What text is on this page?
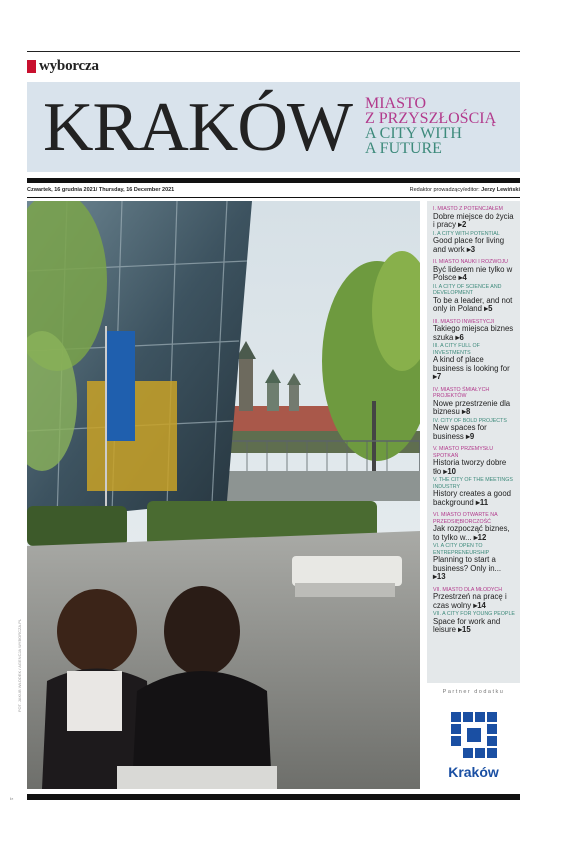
wyborcza
KRAKÓW MIASTO
Z PRZYSZŁOŚCIĄ
A CITY WITH
A FUTURE
Czwartek, 16 grudnia 2021/ Thursday, 16 December 2021	Redaktor prowadzący/editor: Jerzy Lewiński
I. MIASTO Z POTENCJAŁEM
Dobre miejsce do życia i pracy ▸2
I. A CITY WITH POTENTIAL
Good place for living and work ▸3
II. MIASTO NAUKI I ROZWOJU
Być liderem nie tylko w Polsce ▸4
II. A CITY OF SCIENCE AND DEVELOPMENT
To be a leader, and not only in Poland ▸5
III. MIASTO INWESTYCJI
Takiego miejsca biznes szuka ▸6
III. A CITY FULL OF INVESTMENTS
A kind of place business is looking for ▸7
IV. MIASTO ŚMIAŁYCH PROJEKTÓW
Nowe przestrzenie dla biznesu ▸8
IV. CITY OF BOLD PROJECTS
New spaces for business ▸9
V. MIASTO PRZEMYSŁU SPOTKAŃ
Historia tworzy dobre tło ▸10
V. THE CITY OF THE MEETINGS INDUSTRY
History creates a good background ▸11
VI. MIASTO OTWARTE NA PRZEDSIĘBIORCZOŚĆ
Jak rozpocząć biznes, to tylko w... ▸12
VI. A CITY OPEN TO ENTREPRENEURSHIP
Planning to start a business? Only in... ▸13
VII. MIASTO DLA MŁODYCH
Przestrzeń na pracę i czas wolny ▸14
VII. A CITY FOR YOUNG PEOPLE
Space for work and leisure ▸15
Partner dodatku
Kraków
FOT. JAKUB WŁODEK / AGENCJA WYBORCZA.PL
I×
